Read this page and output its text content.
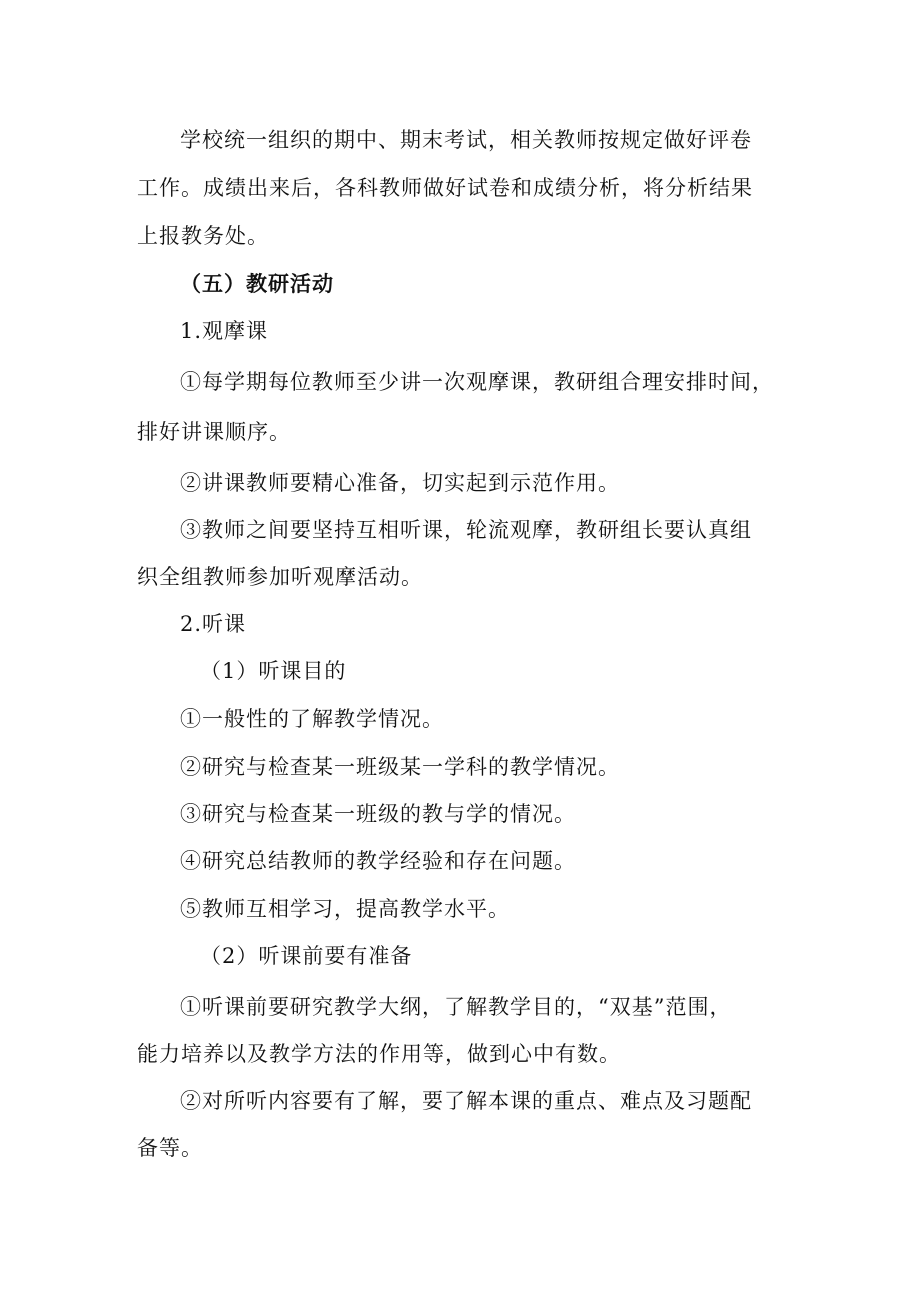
学校统一组织的期中、期末考试，相关教师按规定做好评卷
工作。成绩出来后，各科教师做好试卷和成绩分析，将分析结果
上报教务处。
（五）教研活动
1.观摩课
①每学期每位教师至少讲一次观摩课，教研组合理安排时间，
排好讲课顺序。
②讲课教师要精心准备，切实起到示范作用。
③教师之间要坚持互相听课，轮流观摩，教研组长要认真组
织全组教师参加听观摩活动。
2.听课
（1）听课目的
①一般性的了解教学情况。
②研究与检查某一班级某一学科的教学情况。
③研究与检查某一班级的教与学的情况。
④研究总结教师的教学经验和存在问题。
⑤教师互相学习，提高教学水平。
（2）听课前要有准备
①听课前要研究教学大纲，了解教学目的，“双基”范围，
能力培养以及教学方法的作用等，做到心中有数。
②对所听内容要有了解，要了解本课的重点、难点及习题配
备等。
